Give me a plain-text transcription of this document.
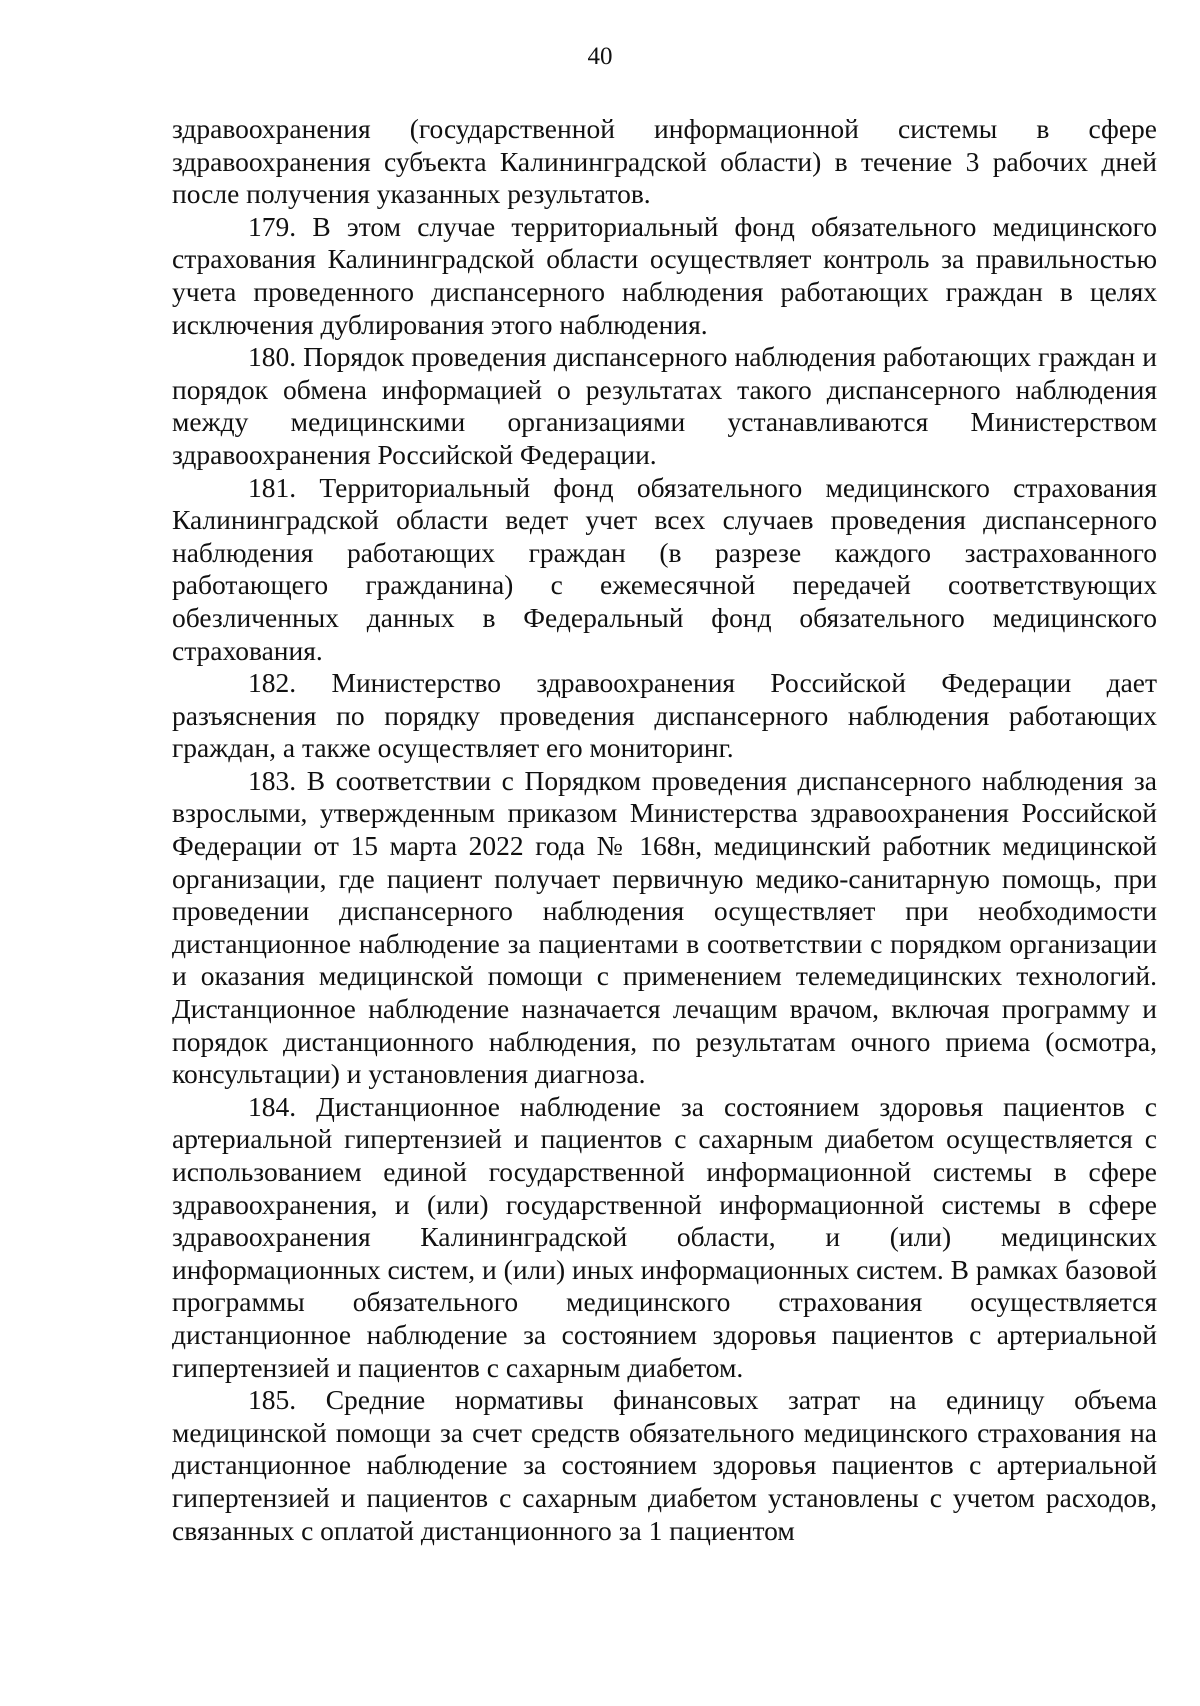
40

здравоохранения (государственной информационной системы в сфере здравоохранения субъекта Калининградской области) в течение 3 рабочих дней после получения указанных результатов.

179. В этом случае территориальный фонд обязательного медицинского страхования Калининградской области осуществляет контроль за правильностью учета проведенного диспансерного наблюдения работающих граждан в целях исключения дублирования этого наблюдения.

180. Порядок проведения диспансерного наблюдения работающих граждан и порядок обмена информацией о результатах такого диспансерного наблюдения между медицинскими организациями устанавливаются Министерством здравоохранения Российской Федерации.

181. Территориальный фонд обязательного медицинского страхования Калининградской области ведет учет всех случаев проведения диспансерного наблюдения работающих граждан (в разрезе каждого застрахованного работающего гражданина) с ежемесячной передачей соответствующих обезличенных данных в Федеральный фонд обязательного медицинского страхования.

182. Министерство здравоохранения Российской Федерации дает разъяснения по порядку проведения диспансерного наблюдения работающих граждан, а также осуществляет его мониторинг.

183. В соответствии с Порядком проведения диспансерного наблюдения за взрослыми, утвержденным приказом Министерства здравоохранения Российской Федерации от 15 марта 2022 года № 168н, медицинский работник медицинской организации, где пациент получает первичную медико-санитарную помощь, при проведении диспансерного наблюдения осуществляет при необходимости дистанционное наблюдение за пациентами в соответствии с порядком организации и оказания медицинской помощи с применением телемедицинских технологий. Дистанционное наблюдение назначается лечащим врачом, включая программу и порядок дистанционного наблюдения, по результатам очного приема (осмотра, консультации) и установления диагноза.

184. Дистанционное наблюдение за состоянием здоровья пациентов с артериальной гипертензией и пациентов с сахарным диабетом осуществляется с использованием единой государственной информационной системы в сфере здравоохранения, и (или) государственной информационной системы в сфере здравоохранения Калининградской области, и (или) медицинских информационных систем, и (или) иных информационных систем. В рамках базовой программы обязательного медицинского страхования осуществляется дистанционное наблюдение за состоянием здоровья пациентов с артериальной гипертензией и пациентов с сахарным диабетом.

185. Средние нормативы финансовых затрат на единицу объема медицинской помощи за счет средств обязательного медицинского страхования на дистанционное наблюдение за состоянием здоровья пациентов с артериальной гипертензией и пациентов с сахарным диабетом установлены с учетом расходов, связанных с оплатой дистанционного за 1 пациентом
